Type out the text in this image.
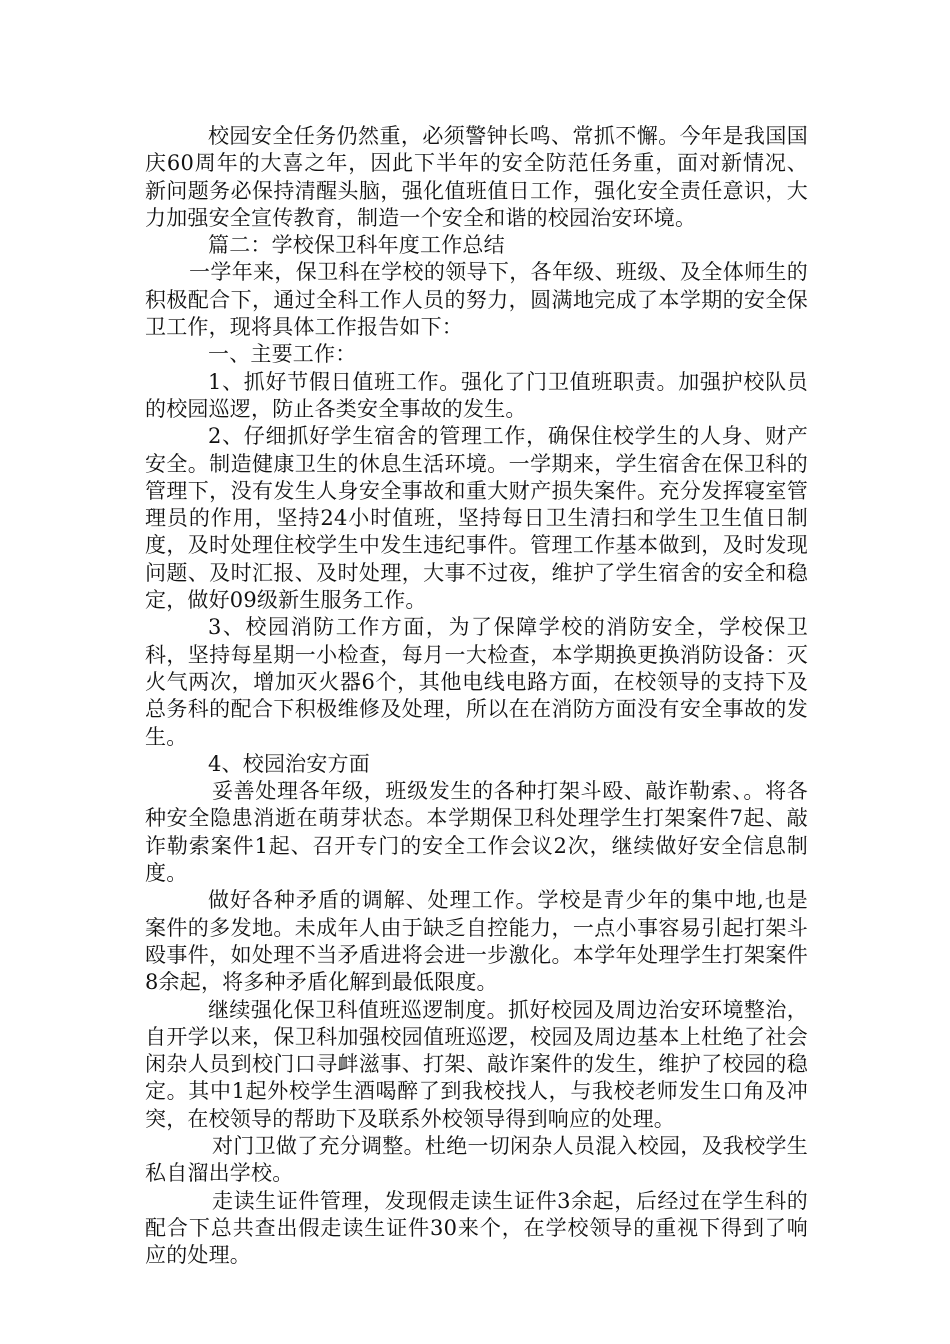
校园安全任务仍然重，必须警钟长鸣、常抓不懈。今年是我国国庆60周年的大喜之年，因此下半年的安全防范任务重，面对新情况、新问题务必保持清醒头脑，强化值班值日工作，强化安全责任意识，大力加强安全宣传教育，制造一个安全和谐的校园治安环境。

篇二：学校保卫科年度工作总结

一学年来，保卫科在学校的领导下，各年级、班级、及全体师生的积极配合下，通过全科工作人员的努力，圆满地完成了本学期的安全保卫工作，现将具体工作报告如下：

一、主要工作：

1、抓好节假日值班工作。强化了门卫值班职责。加强护校队员的校园巡逻，防止各类安全事故的发生。

2、仔细抓好学生宿舍的管理工作，确保住校学生的人身、财产安全。制造健康卫生的休息生活环境。一学期来，学生宿舍在保卫科的管理下，没有发生人身安全事故和重大财产损失案件。充分发挥寝室管理员的作用，坚持24小时值班，坚持每日卫生清扫和学生卫生值日制度，及时处理住校学生中发生违纪事件。管理工作基本做到，及时发现问题、及时汇报、及时处理，大事不过夜，维护了学生宿舍的安全和稳定，做好09级新生服务工作。

3、校园消防工作方面，为了保障学校的消防安全，学校保卫科，坚持每星期一小检查，每月一大检查，本学期换更换消防设备：灭火气两次，增加灭火器6个，其他电线电路方面，在校领导的支持下及总务科的配合下积极维修及处理，所以在在消防方面没有安全事故的发生。

4、校园治安方面

妥善处理各年级，班级发生的各种打架斗殴、敲诈勒索、。将各种安全隐患消逝在萌芽状态。本学期保卫科处理学生打架案件7起、敲诈勒索案件1起、召开专门的安全工作会议2次，继续做好安全信息制度。

做好各种矛盾的调解、处理工作。学校是青少年的集中地,也是案件的多发地。未成年人由于缺乏自控能力，一点小事容易引起打架斗殴事件，如处理不当矛盾进将会进一步激化。本学年处理学生打架案件8余起，将多种矛盾化解到最低限度。

继续强化保卫科值班巡逻制度。抓好校园及周边治安环境整治，自开学以来，保卫科加强校园值班巡逻，校园及周边基本上杜绝了社会闲杂人员到校门口寻衅滋事、打架、敲诈案件的发生，维护了校园的稳定。其中1起外校学生酒喝醉了到我校找人，与我校老师发生口角及冲突，在校领导的帮助下及联系外校领导得到响应的处理。

对门卫做了充分调整。杜绝一切闲杂人员混入校园，及我校学生私自溜出学校。

走读生证件管理，发现假走读生证件3余起，后经过在学生科的配合下总共查出假走读生证件30来个，在学校领导的重视下得到了响应的处理。
